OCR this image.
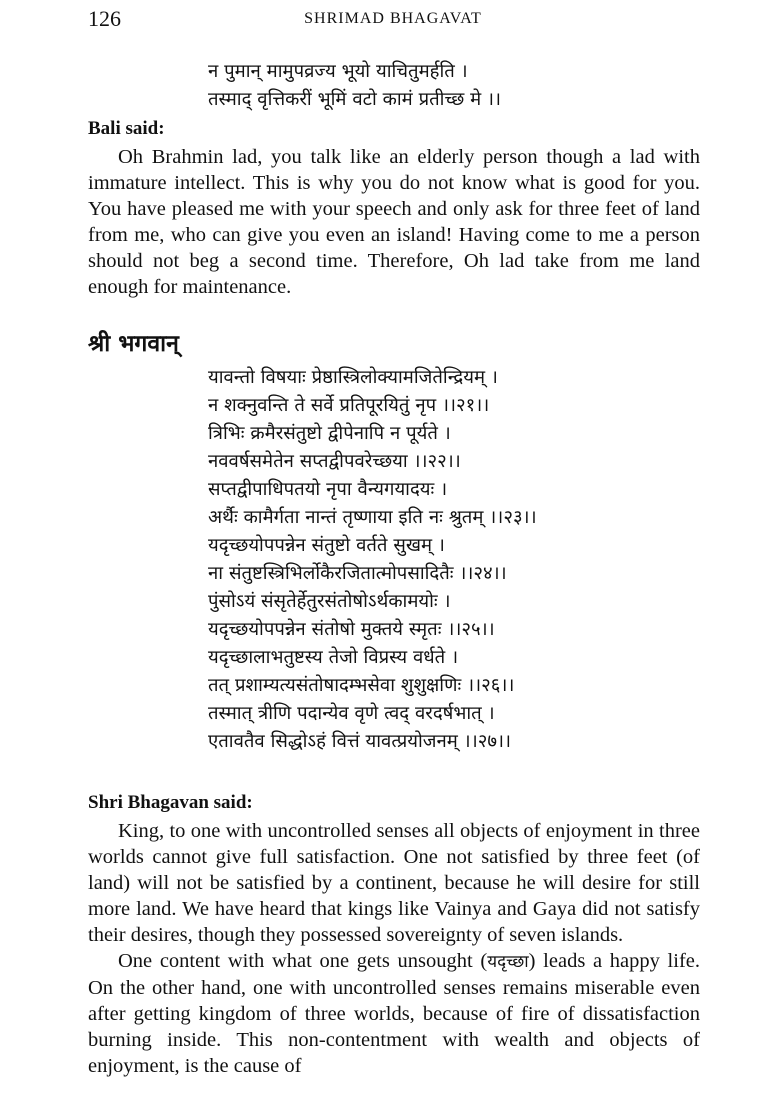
126	SHRIMAD BHAGAVAT
न पुमान् मामुपव्रज्य भूयो याचितुमर्हति ।
तस्माद् वृत्तिकरीं भूमिं वटो कामं प्रतीच्छ मे ।।
Bali said:
Oh Brahmin lad, you talk like an elderly person though a lad with immature intellect. This is why you do not know what is good for you. You have pleased me with your speech and only ask for three feet of land from me, who can give you even an island! Having come to me a person should not beg a second time. Therefore, Oh lad take from me land enough for maintenance.
श्री भगवान्
यावन्तो विषयाः प्रेष्ठास्त्रिलोक्यामजितेन्द्रियम् ।
न शक्नुवन्ति ते सर्वे प्रतिपूरयितुं नृप ।।२१।।
त्रिभिः क्रमैरसंतुष्टो द्वीपेनापि न पूर्यते ।
नववर्षसमेतेन सप्तद्वीपवरेच्छया ।।२२।।
सप्तद्वीपाधिपतयो नृपा वैन्यगयादयः ।
अर्थैः कामैर्गता नान्तं तृष्णाया इति नः श्रुतम् ।।२३।।
यदृच्छयोपपन्नेन संतुष्टो वर्तते सुखम् ।
ना संतुष्टस्त्रिभिर्लोकैरजितात्मोपसादितैः ।।२४।।
पुंसोऽयं संसृतेर्हेतुरसंतोषोऽर्थकामयोः ।
यदृच्छयोपपन्नेन संतोषो मुक्तये स्मृतः ।।२५।।
यदृच्छालाभतुष्टस्य तेजो विप्रस्य वर्धते ।
तत् प्रशाम्यत्यसंतोषादम्भसेवा शुशुक्षणिः ।।२६।।
तस्मात् त्रीणि पदान्येव वृणे त्वद् वरदर्षभात् ।
एतावतैव सिद्धोऽहं वित्तं यावत्प्रयोजनम् ।।२७।।
Shri Bhagavan said:
King, to one with uncontrolled senses all objects of enjoyment in three worlds cannot give full satisfaction. One not satisfied by three feet (of land) will not be satisfied by a continent, because he will desire for still more land. We have heard that kings like Vainya and Gaya did not satisfy their desires, though they possessed sovereignty of seven islands.
One content with what one gets unsought (यदृच्छा) leads a happy life. On the other hand, one with uncontrolled senses remains miserable even after getting kingdom of three worlds, because of fire of dissatisfaction burning inside. This non-contentment with wealth and objects of enjoyment, is the cause of
